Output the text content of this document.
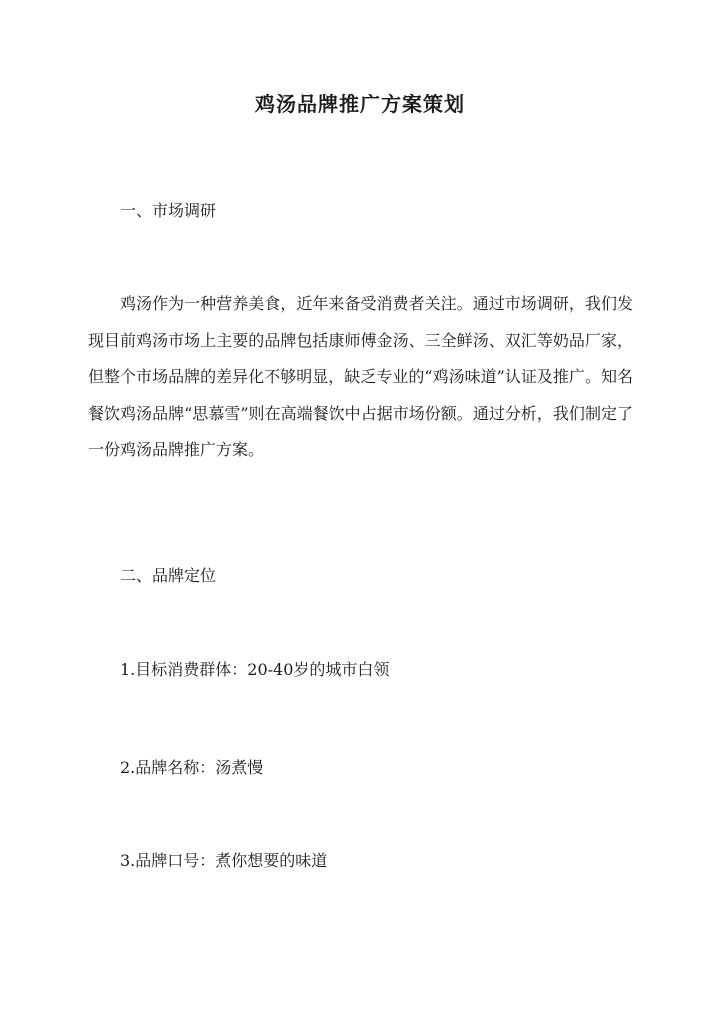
鸡汤品牌推广方案策划
一、市场调研

鸡汤作为一种营养美食，近年来备受消费者关注。通过市场调研，我们发现目前鸡汤市场上主要的品牌包括康师傅金汤、三全鲜汤、双汇等奶品厂家，但整个市场品牌的差异化不够明显，缺乏专业的“鸡汤味道”认证及推广。知名餐饮鸡汤品牌“思慕雪”则在高端餐饮中占据市场份额。通过分析，我们制定了一份鸡汤品牌推广方案。

二、品牌定位

1.目标消费群体：20-40岁的城市白领

2.品牌名称：汤煮慢

3.品牌口号：煮你想要的味道
